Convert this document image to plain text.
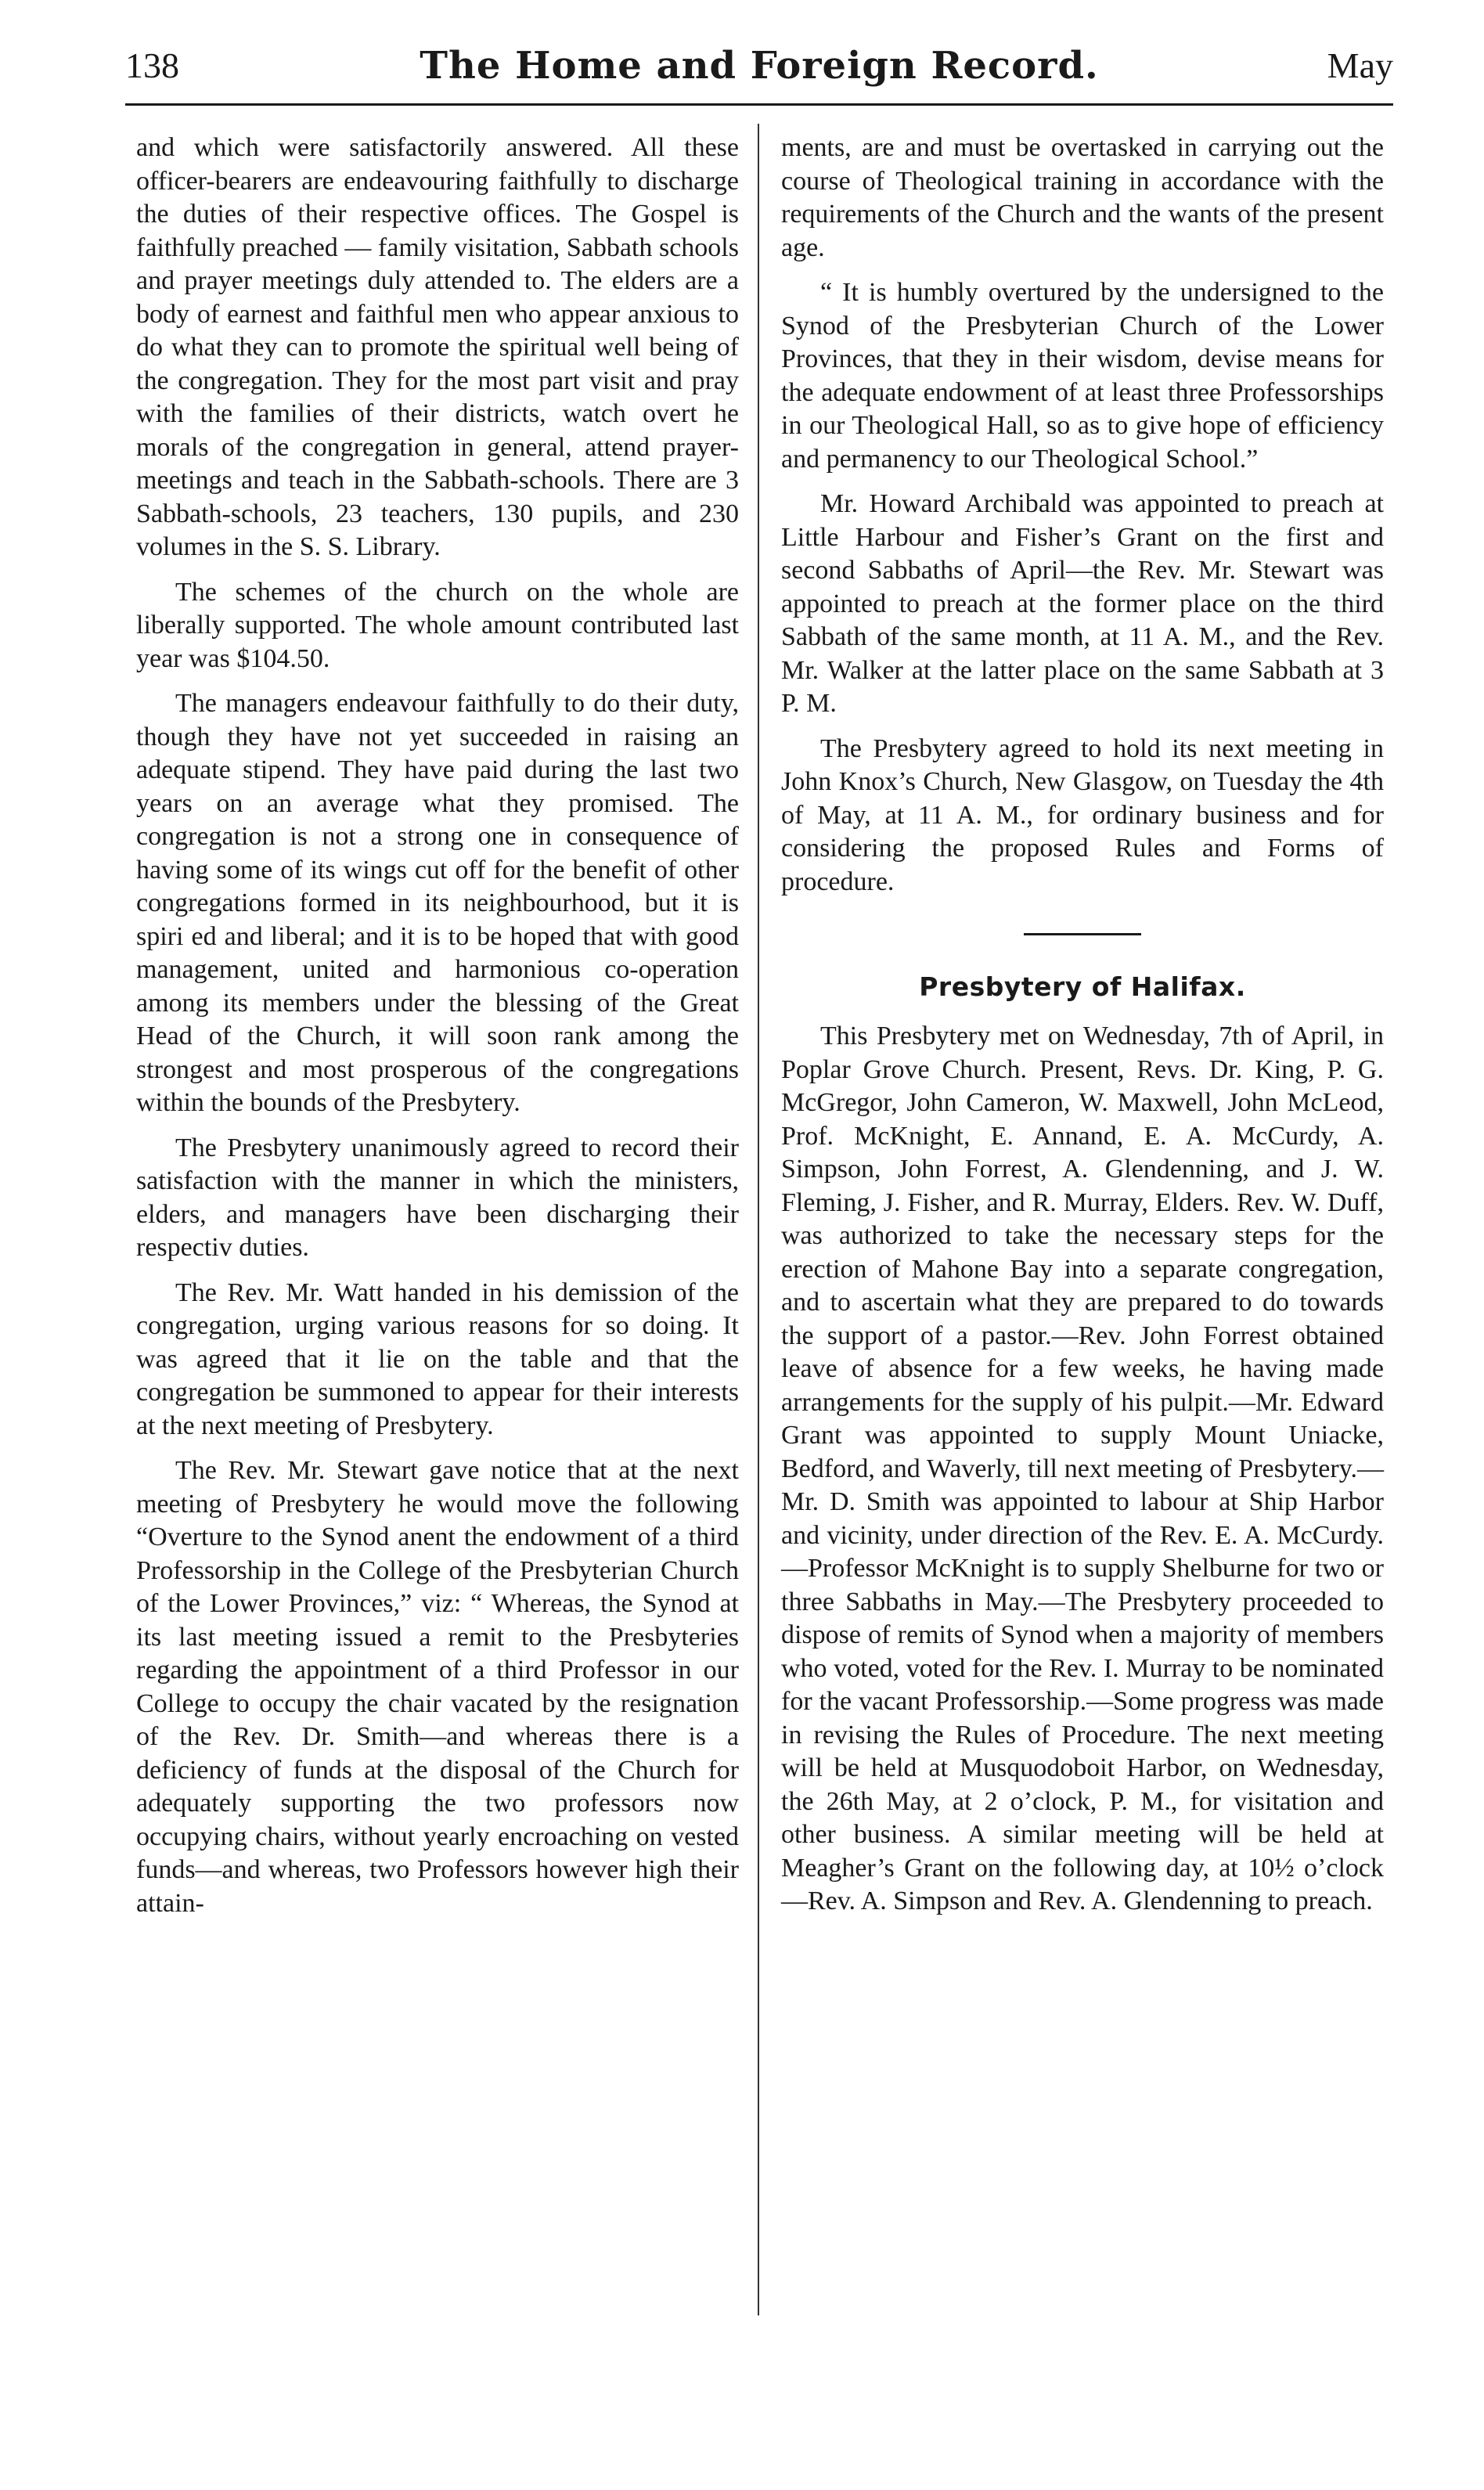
138	The Home and Foreign Record.	May

and which were satisfactorily answered. All these officer-bearers are endeavouring faithfully to discharge the duties of their respective offices. The Gospel is faithfully preached — family visitation, Sabbath schools and prayer meetings duly attended to. The elders are a body of earnest and faithful men who appear anxious to do what they can to promote the spiritual well being of the congregation. They for the most part visit and pray with the families of their districts, watch overt he morals of the congregation in general, attend prayer-meetings and teach in the Sabbath-schools. There are 3 Sabbath-schools, 23 teachers, 130 pupils, and 230 volumes in the S. S. Library.

The schemes of the church on the whole are liberally supported. The whole amount contributed last year was $104.50.

The managers endeavour faithfully to do their duty, though they have not yet succeeded in raising an adequate stipend. They have paid during the last two years on an average what they promised. The congregation is not a strong one in consequence of having some of its wings cut off for the benefit of other congregations formed in its neighbourhood, but it is spiri ed and liberal; and it is to be hoped that with good management, united and harmonious co-operation among its members under the blessing of the Great Head of the Church, it will soon rank among the strongest and most prosperous of the congregations within the bounds of the Presbytery.

The Presbytery unanimously agreed to record their satisfaction with the manner in which the ministers, elders, and managers have been discharging their respectiv duties.

The Rev. Mr. Watt handed in his demission of the congregation, urging various reasons for so doing. It was agreed that it lie on the table and that the congregation be summoned to appear for their interests at the next meeting of Presbytery.

The Rev. Mr. Stewart gave notice that at the next meeting of Presbytery he would move the following “Overture to the Synod anent the endowment of a third Professorship in the College of the Presbyterian Church of the Lower Provinces,” viz: “ Whereas, the Synod at its last meeting issued a remit to the Presbyteries regarding the appointment of a third Professor in our College to occupy the chair vacated by the resignation of the Rev. Dr. Smith—and whereas there is a deficiency of funds at the disposal of the Church for adequately supporting the two professors now occupying chairs, without yearly encroaching on vested funds—and whereas, two Professors however high their attain-

ments, are and must be overtasked in carrying out the course of Theological training in accordance with the requirements of the Church and the wants of the present age.

“ It is humbly overtured by the undersigned to the Synod of the Presbyterian Church of the Lower Provinces, that they in their wisdom, devise means for the adequate endowment of at least three Professorships in our Theological Hall, so as to give hope of efficiency and permanency to our Theological School.”

Mr. Howard Archibald was appointed to preach at Little Harbour and Fisher’s Grant on the first and second Sabbaths of April—the Rev. Mr. Stewart was appointed to preach at the former place on the third Sabbath of the same month, at 11 A. M., and the Rev. Mr. Walker at the latter place on the same Sabbath at 3 P. M.

The Presbytery agreed to hold its next meeting in John Knox’s Church, New Glasgow, on Tuesday the 4th of May, at 11 A. M., for ordinary business and for considering the proposed Rules and Forms of procedure.

Presbytery of Halifax.

This Presbytery met on Wednesday, 7th of April, in Poplar Grove Church. Present, Revs. Dr. King, P. G. McGregor, John Cameron, W. Maxwell, John McLeod, Prof. McKnight, E. Annand, E. A. McCurdy, A. Simpson, John Forrest, A. Glendenning, and J. W. Fleming, J. Fisher, and R. Murray, Elders. Rev. W. Duff, was authorized to take the necessary steps for the erection of Mahone Bay into a separate congregation, and to ascertain what they are prepared to do towards the support of a pastor.—Rev. John Forrest obtained leave of absence for a few weeks, he having made arrangements for the supply of his pulpit.—Mr. Edward Grant was appointed to supply Mount Uniacke, Bedford, and Waverly, till next meeting of Presbytery.—Mr. D. Smith was appointed to labour at Ship Harbor and vicinity, under direction of the Rev. E. A. McCurdy.—Professor McKnight is to supply Shelburne for two or three Sabbaths in May.—The Presbytery proceeded to dispose of remits of Synod when a majority of members who voted, voted for the Rev. I. Murray to be nominated for the vacant Professorship.—Some progress was made in revising the Rules of Procedure. The next meeting will be held at Musquodoboit Harbor, on Wednesday, the 26th May, at 2 o’clock, P. M., for visitation and other business. A similar meeting will be held at Meagher’s Grant on the following day, at 10½ o’clock —Rev. A. Simpson and Rev. A. Glendenning to preach.
